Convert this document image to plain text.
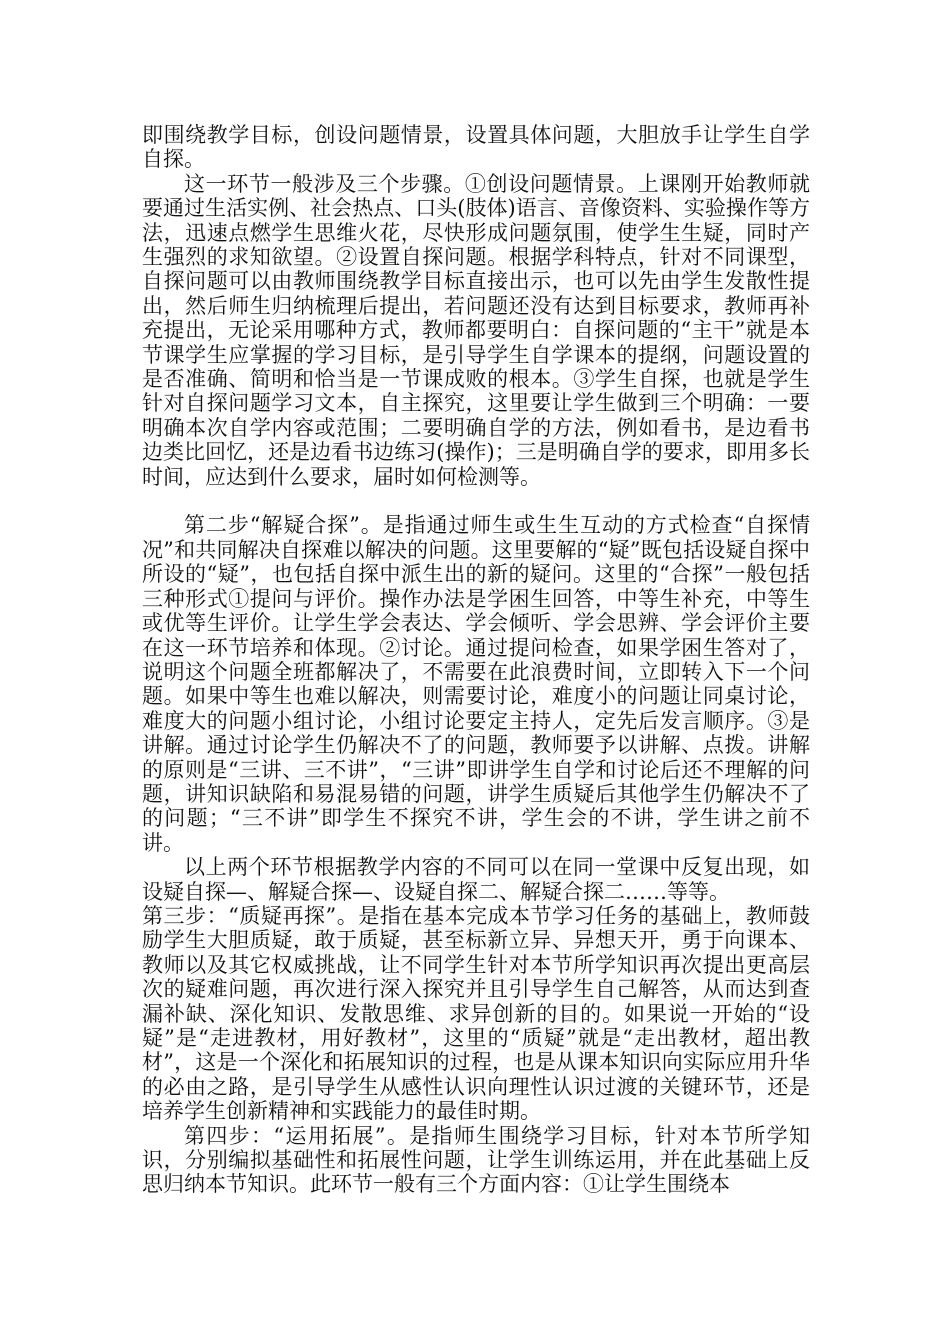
即围绕教学目标，创设问题情景，设置具体问题，大胆放手让学生自学自探。

这一环节一般涉及三个步骤。①创设问题情景。上课刚开始教师就要通过生活实例、社会热点、口头(肢体)语言、音像资料、实验操作等方法，迅速点燃学生思维火花，尽快形成问题氛围，使学生生疑，同时产生强烈的求知欲望。②设置自探问题。根据学科特点，针对不同课型，自探问题可以由教师围绕教学目标直接出示，也可以先由学生发散性提出，然后师生归纳梳理后提出，若问题还没有达到目标要求，教师再补充提出，无论采用哪种方式，教师都要明白：自探问题的“主干”就是本节课学生应掌握的学习目标，是引导学生自学课本的提纲，问题设置的是否准确、简明和恰当是一节课成败的根本。③学生自探，也就是学生针对自探问题学习文本，自主探究，这里要让学生做到三个明确：一要明确本次自学内容或范围；二要明确自学的方法，例如看书，是边看书边类比回忆，还是边看书边练习(操作)；三是明确自学的要求，即用多长时间，应达到什么要求，届时如何检测等。

第二步“解疑合探”。是指通过师生或生生互动的方式检查“自探情况”和共同解决自探难以解决的问题。这里要解的“疑”既包括设疑自探中所设的“疑”，也包括自探中派生出的新的疑问。这里的“合探”一般包括三种形式①提问与评价。操作办法是学困生回答，中等生补充，中等生或优等生评价。让学生学会表达、学会倾听、学会思辨、学会评价主要在这一环节培养和体现。②讨论。通过提问检查，如果学困生答对了，说明这个问题全班都解决了，不需要在此浪费时间，立即转入下一个问题。如果中等生也难以解决，则需要讨论，难度小的问题让同桌讨论，难度大的问题小组讨论，小组讨论要定主持人，定先后发言顺序。③是讲解。通过讨论学生仍解决不了的问题，教师要予以讲解、点拨。讲解的原则是“三讲、三不讲”，“三讲”即讲学生自学和讨论后还不理解的问题，讲知识缺陷和易混易错的问题，讲学生质疑后其他学生仍解决不了的问题；“三不讲”即学生不探究不讲，学生会的不讲，学生讲之前不讲。

以上两个环节根据教学内容的不同可以在同一堂课中反复出现，如设疑自探—、解疑合探—、设疑自探二、解疑合探二……等等。

第三步：“质疑再探”。是指在基本完成本节学习任务的基础上，教师鼓励学生大胆质疑，敢于质疑，甚至标新立异、异想天开，勇于向课本、教师以及其它权威挑战，让不同学生针对本节所学知识再次提出更高层次的疑难问题，再次进行深入探究并且引导学生自己解答，从而达到查漏补缺、深化知识、发散思维、求异创新的目的。如果说一开始的“设疑”是“走进教材，用好教材”，这里的“质疑”就是“走出教材，超出教材”，这是一个深化和拓展知识的过程，也是从课本知识向实际应用升华的必由之路，是引导学生从感性认识向理性认识过渡的关键环节，还是培养学生创新精神和实践能力的最佳时期。

第四步：“运用拓展”。是指师生围绕学习目标，针对本节所学知识，分别编拟基础性和拓展性问题，让学生训练运用，并在此基础上反思归纳本节知识。此环节一般有三个方面内容：①让学生围绕本
